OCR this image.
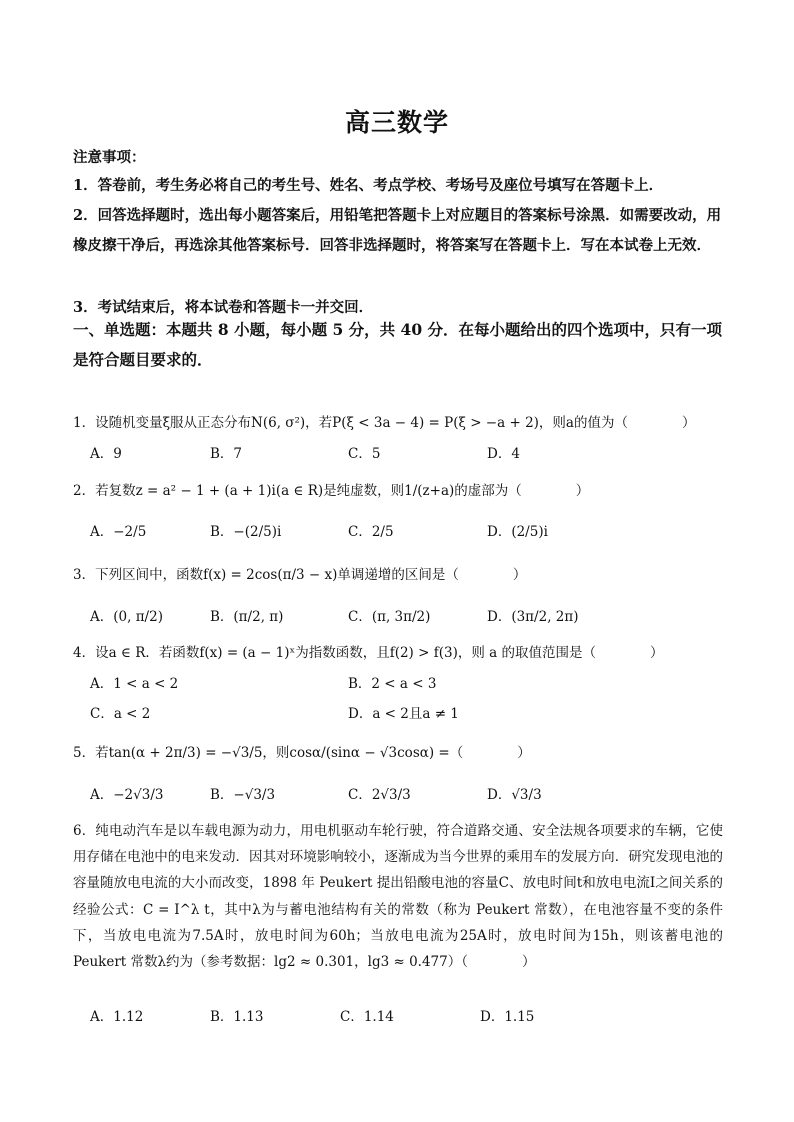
高三数学
注意事项：
1．答卷前，考生务必将自己的考生号、姓名、考点学校、考场号及座位号填写在答题卡上．
2．回答选择题时，选出每小题答案后，用铅笔把答题卡上对应题目的答案标号涂黑．如需要改动，用橡皮擦干净后，再选涂其他答案标号．回答非选择题时，将答案写在答题卡上．写在本试卷上无效．
3．考试结束后，将本试卷和答题卡一并交回．
一、单选题：本题共 8 小题，每小题 5 分，共 40 分．在每小题给出的四个选项中，只有一项是符合题目要求的．
1．设随机变量ξ服从正态分布N(6, σ²)，若P(ξ < 3a − 4) = P(ξ > −a + 2)，则a的值为（　　　　）
A．9	B．7	C．5	D．4
2．若复数z = a² − 1 + (a + 1)i(a ∈ R)是纯虚数，则1/(z+a)的虚部为（　　　　）
A．−2/5	B．−(2/5)i	C．2/5	D．(2/5)i
3．下列区间中，函数f(x) = 2cos(π/3 − x)单调递增的区间是（　　　　）
A．(0, π/2)	B．(π/2, π)	C．(π, 3π/2)	D．(3π/2, 2π)
4．设a ∈ R．若函数f(x) = (a − 1)ˣ为指数函数，且f(2) > f(3)，则 a 的取值范围是（　　　　）
A．1 < a < 2	B．2 < a < 3
C．a < 2	D．a < 2且a ≠ 1
5．若tan(α + 2π/3) = −√3/5，则cosα/(sinα − √3cosα) =（　　　　）
A．−2√3/3	B．−√3/3	C．2√3/3	D．√3/3
6．纯电动汽车是以车载电源为动力，用电机驱动车轮行驶，符合道路交通、安全法规各项要求的车辆，它使用存储在电池中的电来发动．因其对环境影响较小，逐渐成为当今世界的乘用车的发展方向．研究发现电池的容量随放电电流的大小而改变，1898 年 Peukert 提出铅酸电池的容量C、放电时间t和放电电流I之间关系的经验公式：C = I^λ t，其中λ为与蓄电池结构有关的常数（称为 Peukert 常数），在电池容量不变的条件下，当放电电流为7.5A时，放电时间为60h；当放电电流为25A时，放电时间为15h，则该蓄电池的 Peukert 常数λ约为（参考数据：lg2 ≈ 0.301，lg3 ≈ 0.477）（　　　　）
A．1.12	B．1.13	C．1.14	D．1.15
